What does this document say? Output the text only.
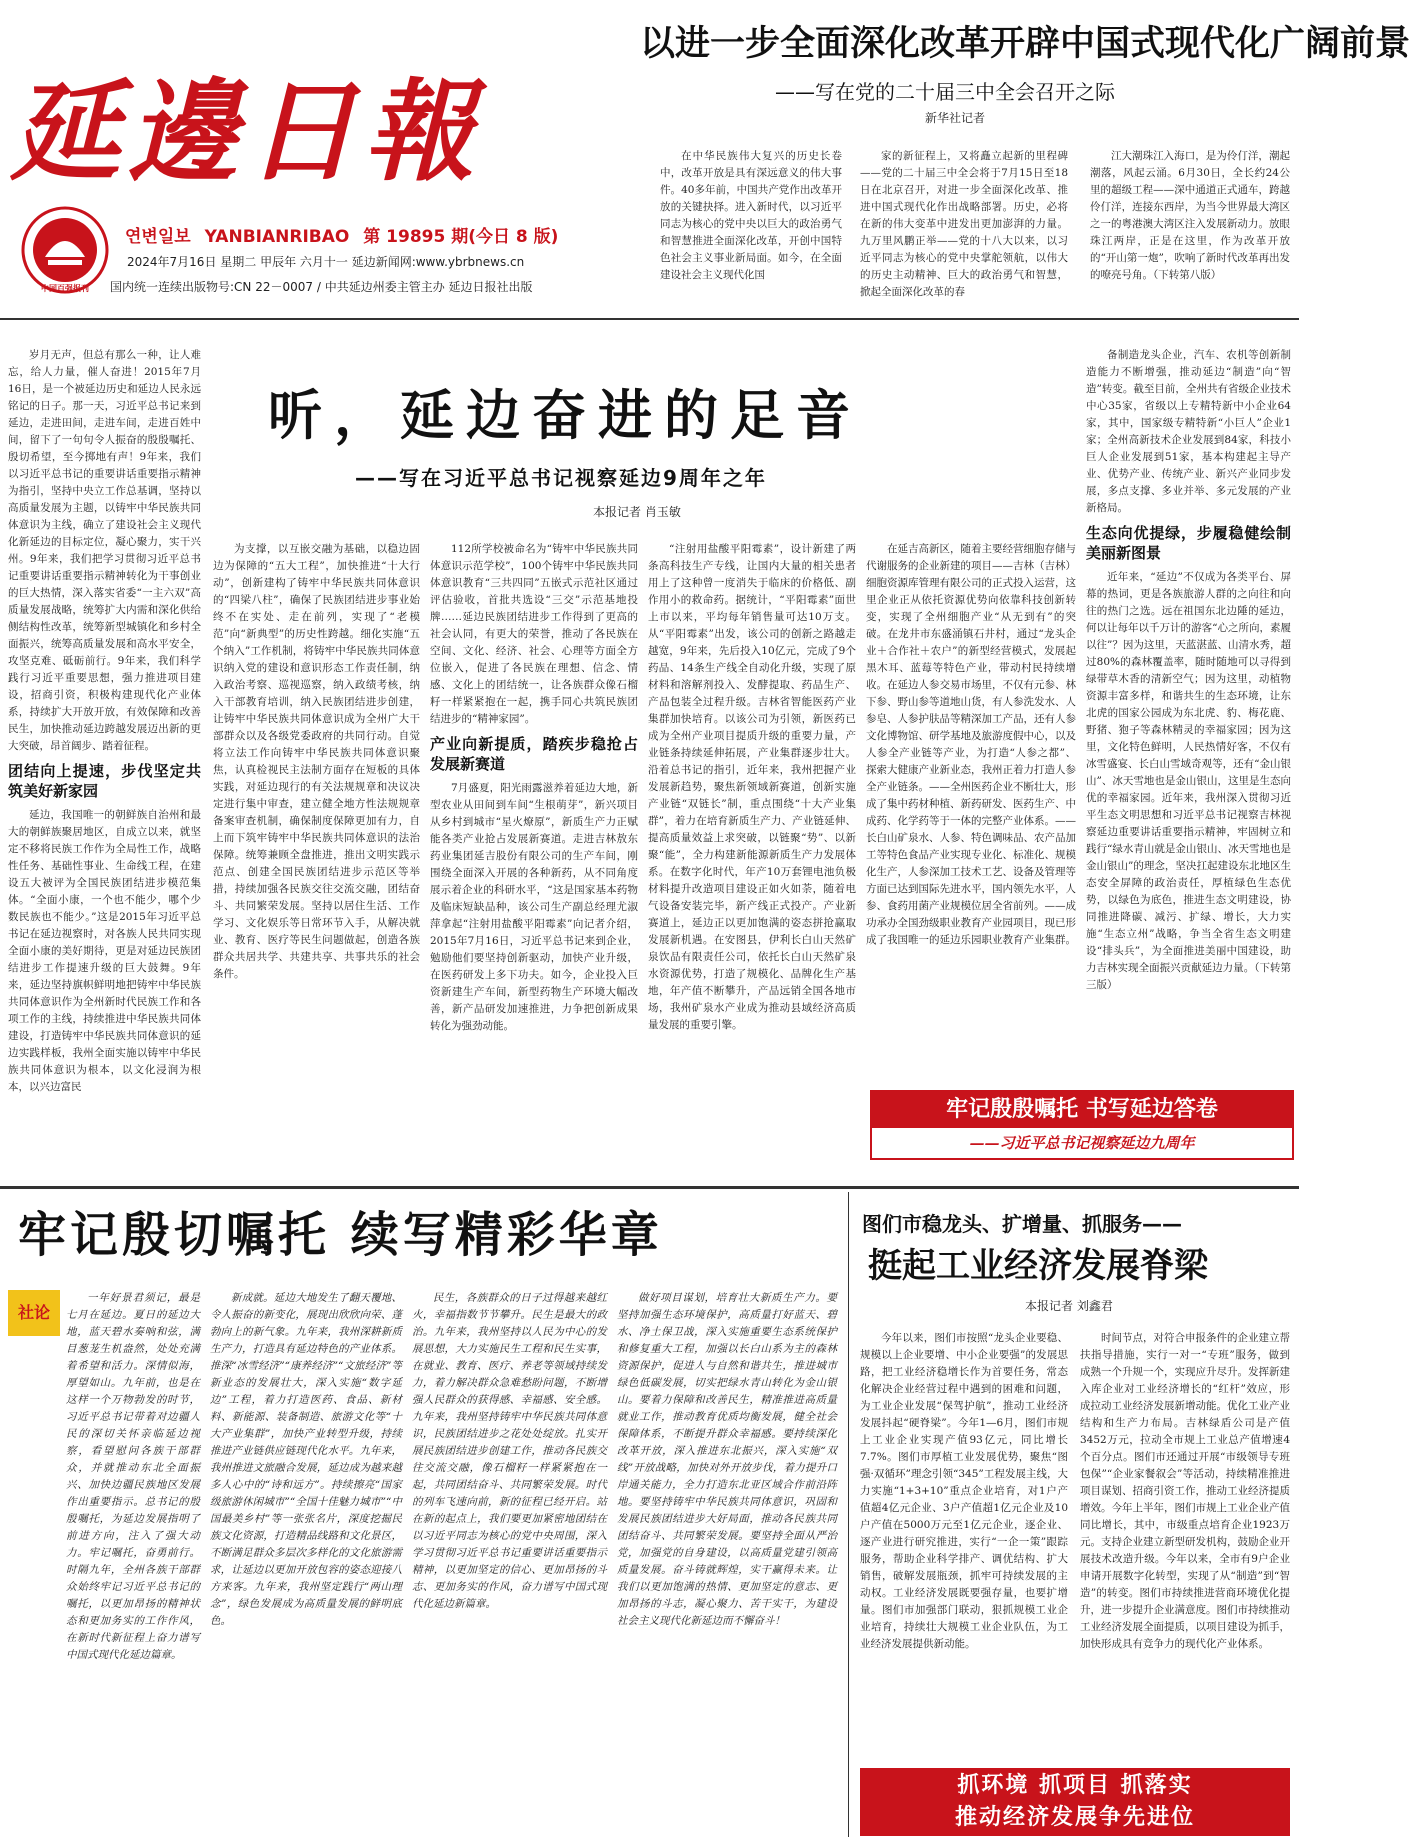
延邊日報
中国百强报刊
연변일보 YANBIANRIBAO 第 19895 期(今日 8 版)
2024年7月16日 星期二 甲辰年 六月十一 延边新闻网:www.ybrbnews.cn
国内统一连续出版物号:CN 22－0007 / 中共延边州委主管主办 延边日报社出版
以进一步全面深化改革开辟中国式现代化广阔前景
——写在党的二十届三中全会召开之际
新华社记者

在中华民族伟大复兴的历史长卷中，改革开放是具有深远意义的伟大事件。40多年前，中国共产党作出改革开放的关键抉择。进入新时代，以习近平同志为核心的党中央以巨大的政治勇气和智慧推进全面深化改革，开创中国特色社会主义事业新局面。如今，在全面建设社会主义现代化国

家的新征程上，又将矗立起新的里程碑——党的二十届三中全会将于7月15日至18日在北京召开，对进一步全面深化改革、推进中国式现代化作出战略部署。历史，必将在新的伟大变革中进发出更加澎湃的力量。九万里风鹏正举——党的十八大以来，以习近平同志为核心的党中央掌舵领航，以伟大的历史主动精神、巨大的政治勇气和智慧，掀起全面深化改革的春

江大潮珠江入海口，是为伶仃洋，潮起潮落，风起云涌。6月30日，全长约24公里的超级工程——深中通道正式通车，跨越伶仃洋，连接东西岸，为当今世界最大湾区之一的粤港澳大湾区注入发展新动力。放眼珠江两岸，正是在这里，作为改革开放的“开山第一炮”，吹响了新时代改革再出发的嘹亮号角。（下转第八版）

听，延边奋进的足音
——写在习近平总书记视察延边9周年之年
本报记者 肖玉敏

岁月无声，但总有那么一种，让人难忘，给人力量，催人奋进！2015年7月16日，是一个被延边历史和延边人民永远铭记的日子。那一天，习近平总书记来到延边，走进田间，走进车间，走进百姓中间，留下了一句句令人振奋的殷殷嘱托、殷切希望，至今掷地有声！9年来，我们以习近平总书记的重要讲话重要指示精神为指引，坚持中央立工作总基调，坚持以高质量发展为主题，以铸牢中华民族共同体意识为主线，确立了建设社会主义现代化新延边的目标定位，凝心聚力，实干兴州。9年来，我们把学习贯彻习近平总书记重要讲话重要指示精神转化为干事创业的巨大热情，深入落实省委“一主六双”高质量发展战略，统筹扩大内需和深化供给侧结构性改革，统筹新型城镇化和乡村全面振兴，统筹高质量发展和高水平安全，攻坚克难、砥砺前行。9年来，我们科学践行习近平重要思想，强力推进项目建设，招商引资，积极构建现代化产业体系，持续扩大开放开放，有效保障和改善民生，加快推动延边跨越发展迈出新的更大突破，昂首阔步、踏着征程。

团结向上提速，步伐坚定共筑美好新家园

延边，我国唯一的朝鲜族自治州和最大的朝鲜族聚居地区，自成立以来，就坚定不移将民族工作作为全局性工作，战略性任务、基础性事业、生命线工程，在建设五大被评为全国民族团结进步模范集体。“全面小康，一个也不能少，哪个少数民族也不能少。”这是2015年习近平总书记在延边视察时，对各族人民共同实现全面小康的美好期待，更是对延边民族团结进步工作提速升级的巨大鼓舞。9年来，延边坚持旗帜鲜明地把铸牢中华民族共同体意识作为全州新时代民族工作和各项工作的主线，持续推进中华民族共同体建设，打造铸牢中华民族共同体意识的延边实践样板，我州全面实施以铸牢中华民族共同体意识为根本，以文化浸润为根本，以兴边富民

为支撑，以互嵌交融为基础，以稳边固边为保障的“五大工程”，加快推进“十大行动”，创新建构了铸牢中华民族共同体意识的“四梁八柱”，确保了民族团结进步事业始终不在实处、走在前列，实现了“老模范”向“新典型”的历史性跨越。细化实施“五个纳入”工作机制，将铸牢中华民族共同体意识纳入党的建设和意识形态工作责任制，纳入政治考察、巡视巡察，纳入政绩考核，纳入干部教育培训，纳入民族团结进步创建，让铸牢中华民族共同体意识成为全州广大干部群众以及各级党委政府的共同行动。自觉将立法工作向铸牢中华民族共同体意识聚焦，认真检视民主法制方面存在短板的具体实践，对延边现行的有关法规规章和决议决定进行集中审查，建立健全地方性法规规章备案审查机制，确保制度保障更加有力，自上而下筑牢铸牢中华民族共同体意识的法治保障。统筹兼顾全盘推进，推出文明实践示范点、创建全国民族团结进步示范区等举措，持续加强各民族交往交流交融，团结奋斗、共同繁荣发展。坚持以居住生活、工作学习、文化娱乐等日常环节入手，从解决就业、教育、医疗等民生问题做起，创造各族群众共居共学、共建共享、共事共乐的社会条件。

112所学校被命名为“铸牢中华民族共同体意识示范学校”，100个铸牢中华民族共同体意识教育“三共四同”五嵌式示范社区通过评估验收，首批共选设“三交”示范基地投牌……延边民族团结进步工作得到了更高的社会认同，有更大的荣誉，推动了各民族在空间、文化、经济、社会、心理等方面全方位嵌入，促进了各民族在理想、信念、情感、文化上的团结统一，让各族群众像石榴籽一样紧紧抱在一起，携手同心共筑民族团结进步的“精神家园”。

产业向新提质，踏疾步稳抢占发展新赛道

7月盛夏，阳光雨露滋养着延边大地，新型农业从田间到车间“生根萌芽”，新兴项目从乡村到城市“星火燎原”，新质生产力正赋能各类产业抢占发展新赛道。走进吉林敖东药业集团延吉股份有限公司的生产车间，刚围绕全面深入开展的各种新药，从不同角度展示着企业的科研水平，“这是国家基本药物及临床短缺品种，该公司生产副总经理尤淑萍拿起“注射用盐酸平阳霉素”向记者介绍，2015年7月16日，习近平总书记来到企业，勉励他们要坚持创新驱动，加快产业升级，在医药研发上多下功夫。如今，企业投入巨资新建生产车间，新型药物生产环境大幅改善，新产品研发加速推进，力争把创新成果转化为强劲动能。

“注射用盐酸平阳霉素”，设计新建了两条高科技生产专线，让国内大量的相关患者用上了这种曾一度消失于临床的价格低、副作用小的救命药。据统计，“平阳霉素”面世上市以来，平均每年销售量可达10万支。从“平阳霉素”出发，该公司的创新之路越走越宽，9年来，先后投入10亿元，完成了9个药品、14条生产线全自动化升级，实现了原材料和溶解剂投入、发酵提取、药品生产、产品包装全过程升级。吉林省智能医药产业集群加快培育。以该公司为引领，新医药已成为全州产业项目提质升级的重要力量，产业链条持续延伸拓展，产业集群逐步壮大。沿着总书记的指引，近年来，我州把握产业发展新趋势，聚焦新领域新赛道，创新实施产业链“双链长”制，重点围绕“十大产业集群”，着力在培育新质生产力、产业链延伸、提高质量效益上求突破，以链聚“势”、以新聚“能”，全力构建新能源新质生产力发展体系。在数字化时代，年产10万套锂电池负极材料提升改造项目建设正如火如荼，随着电气设备安装完毕，新产线正式投产。产业新赛道上，延边正以更加饱满的姿态拼抢赢取发展新机遇。在安图县，伊利长白山天然矿泉饮品有限责任公司，依托长白山天然矿泉水资源优势，打造了规模化、品牌化生产基地，年产值不断攀升，产品远销全国各地市场，我州矿泉水产业成为推动县域经济高质量发展的重要引擎。

在延吉高新区，随着主要经营细胞存储与代谢服务的企业新建的项目——吉林（吉林）细胞资源库管理有限公司的正式投入运营，这里企业正从依托资源优势向依靠科技创新转变，实现了全州细胞产业“从无到有”的突破。在龙井市东盛涌镇石井村，通过“龙头企业＋合作社＋农户”的新型经营模式，发展起黑木耳、蓝莓等特色产业，带动村民持续增收。在延边人参交易市场里，不仅有元参、林下参、野山参等道地山货，有人参洗发水、人参皂、人参护肤品等精深加工产品，还有人参文化博物馆、研学基地及旅游度假中心，以及人参全产业链等产业，为打造“人参之都”、探索大健康产业新业态，我州正着力打造人参全产业链条。——全州医药企业不断壮大，形成了集中药材种植、新药研发、医药生产、中成药、化学药等于一体的完整产业体系。——长白山矿泉水、人参、特色调味品、农产品加工等特色食品产业实现专业化、标准化、规模化生产，人参深加工技术工艺、设备及管理等方面已达到国际先进水平，国内领先水平，人参、食药用菌产业规模位居全省前列。——成功承办全国劲级职业教育产业园项目，现已形成了我国唯一的延边乐园职业教育产业集群。

备制造龙头企业，汽车、农机等创新制造能力不断增强，推动延边“制造”向“智造”转变。截至目前，全州共有省级企业技术中心35家，省级以上专精特新中小企业64家，其中，国家级专精特新“小巨人”企业1家；全州高新技术企业发展到84家，科技小巨人企业发展到51家，基本构建起主导产业、优势产业、传统产业、新兴产业同步发展，多点支撑、多业并举、多元发展的产业新格局。

生态向优提绿，步履稳健绘制美丽新图景

近年来，“延边”不仅成为各类平台、屏幕的热词，更是各族旅游人群的之向往和向往的热门之选。远在祖国东北边陲的延边，何以让每年以千万计的游客“心之所向，素履以往”？因为这里，天蓝湛蓝、山清水秀，超过80%的森林覆盖率，随时随地可以寻得到绿带草木香的清新空气；因为这里，动植物资源丰富多样，和谐共生的生态环境，让东北虎的国家公园成为东北虎、豹、梅花鹿、野猪、狍子等森林精灵的幸福家园；因为这里，文化特色鲜明，人民热情好客，不仅有冰雪盛宴、长白山雪域奇观等，还有“金山银山”、冰天雪地也是金山银山，这里是生态向优的幸福家园。近年来，我州深入贯彻习近平生态文明思想和习近平总书记视察吉林视察延边重要讲话重要指示精神，牢固树立和践行“绿水青山就是金山银山、冰天雪地也是金山银山”的理念，坚决扛起建设东北地区生态安全屏障的政治责任，厚植绿色生态优势，以绿色为底色，推进生态文明建设，协同推进降碳、减污、扩绿、增长，大力实施“生态立州”战略，争当全省生态文明建设“排头兵”，为全面推进美丽中国建设，助力吉林实现全面振兴贡献延边力量。（下转第三版）

牢记殷殷嘱托 书写延边答卷
——习近平总书记视察延边九周年
牢记殷切嘱托 续写精彩华章
社论

一年好景君须记，最是七月在延边。夏日的延边大地，蓝天碧水奏响和弦，满目葱茏生机盎然，处处充满着希望和活力。深情似海，厚望如山。九年前，也是在这样一个万物勃发的时节，习近平总书记带着对边疆人民的深切关怀亲临延边视察，看望慰问各族干部群众，并就推动东北全面振兴、加快边疆民族地区发展作出重要指示。总书记的殷殷嘱托，为延边发展指明了前进方向，注入了强大动力。牢记嘱托，奋勇前行。时隔九年，全州各族干部群众始终牢记习近平总书记的嘱托，以更加昂扬的精神状态和更加务实的工作作风，在新时代新征程上奋力谱写中国式现代化延边篇章。

新成就。延边大地发生了翻天覆地、令人振奋的新变化，展现出欣欣向荣、蓬勃向上的新气象。九年来，我州深耕新质生产力，打造具有延边特色的产业体系。推深“冰雪经济”“康养经济”“文旅经济”等新业态的发展壮大，深入实施“数字延边”工程，着力打造医药、食品、新材料、新能源、装备制造、旅游文化等“十大产业集群”，加快产业转型升级，持续推进产业链供应链现代化水平。九年来，我州推进文旅融合发展，延边成为越来越多人心中的“诗和远方”。持续擦亮“国家级旅游休闲城市”“全国十佳魅力城市”“中国最美乡村”等一张张名片，深度挖掘民族文化资源，打造精品线路和文化景区，不断满足群众多层次多样化的文化旅游需求，让延边以更加开放包容的姿态迎接八方来客。九年来，我州坚定践行“两山理念”，绿色发展成为高质量发展的鲜明底色。

民生，各族群众的日子过得越来越红火，幸福指数节节攀升。民生是最大的政治。九年来，我州坚持以人民为中心的发展思想，大力实施民生工程和民生实事，在就业、教育、医疗、养老等领域持续发力，着力解决群众急难愁盼问题，不断增强人民群众的获得感、幸福感、安全感。九年来，我州坚持铸牢中华民族共同体意识，民族团结进步之花处处绽放。扎实开展民族团结进步创建工作，推动各民族交往交流交融，像石榴籽一样紧紧抱在一起，共同团结奋斗、共同繁荣发展。时代的列车飞速向前，新的征程已经开启。站在新的起点上，我们要更加紧密地团结在以习近平同志为核心的党中央周围，深入学习贯彻习近平总书记重要讲话重要指示精神，以更加坚定的信心、更加昂扬的斗志、更加务实的作风，奋力谱写中国式现代化延边新篇章。

做好项目谋划，培育壮大新质生产力。要坚持加强生态环境保护，高质量打好蓝天、碧水、净土保卫战，深入实施重要生态系统保护和修复重大工程，加强以长白山系为主的森林资源保护，促进人与自然和谐共生，推进城市绿色低碳发展，切实把绿水青山转化为金山银山。要着力保障和改善民生，精准推进高质量就业工作，推动教育优质均衡发展，健全社会保障体系，不断提升群众幸福感。要持续深化改革开放，深入推进东北振兴，深入实施“双线”开放战略，加快对外开放步伐，着力提升口岸通关能力，全力打造东北亚区域合作前沿阵地。要坚持铸牢中华民族共同体意识，巩固和发展民族团结进步大好局面，推动各民族共同团结奋斗、共同繁荣发展。要坚持全面从严治党，加强党的自身建设，以高质量党建引领高质量发展。奋斗铸就辉煌，实干赢得未来。让我们以更加饱满的热情、更加坚定的意志、更加昂扬的斗志，凝心聚力、苦干实干，为建设社会主义现代化新延边而不懈奋斗！

图们市稳龙头、扩增量、抓服务——
挺起工业经济发展脊梁
本报记者 刘鑫君

今年以来，图们市按照“龙头企业要稳、规模以上企业要增、中小企业要强”的发展思路，把工业经济稳增长作为首要任务，常态化解决企业经营过程中遇到的困难和问题，为工业企业发展“保驾护航”，推动工业经济发展抖起“硬脊梁”。今年1—6月，图们市规上工业企业实现产值93亿元，同比增长7.7%。图们市厚植工业发展优势，聚焦“图强·双循环”理念引领“345”工程发展主线，大力实施“1+3+10”重点企业培育，对1户产值超4亿元企业、3户产值超1亿元企业及10户产值在5000万元至1亿元企业，逐企业、逐产业进行研究推进，实行“一企一策”跟踪服务，帮助企业科学排产、调优结构、扩大销售，破解发展瓶颈，抓牢可持续发展的主动权。工业经济发展既要强存量，也要扩增量。图们市加强部门联动，狠抓规模工业企业培育，持续壮大规模工业企业队伍，为工业经济发展提供新动能。

时间节点，对符合申报条件的企业建立帮扶指导措施，实行一对一“专班”服务，做到成熟一个升规一个，实现应升尽升。发挥新建入库企业对工业经济增长的“红杆”效应，形成拉动工业经济发展新增动能。优化工业产业结构和生产力布局。吉林绿盾公司是产值3452万元，拉动全市规上工业总产值增速4个百分点。图们市还通过开展“市级领导专班包保”“企业家餐叙会”等活动，持续精准推进项目谋划、招商引资工作，推动工业经济提质增效。今年上半年，图们市规上工业企业产值同比增长，其中，市级重点培育企业1923万元。支持企业建立新型研发机构，鼓励企业开展技术改造升级。今年以来，全市有9户企业申请开展数字化转型，实现了从“制造”到“智造”的转变。图们市持续推进营商环境优化提升，进一步提升企业满意度。图们市持续推动工业经济发展全面提质，以项目建设为抓手，加快形成具有竞争力的现代化产业体系。

抓环境 抓项目 抓落实
推动经济发展争先进位
